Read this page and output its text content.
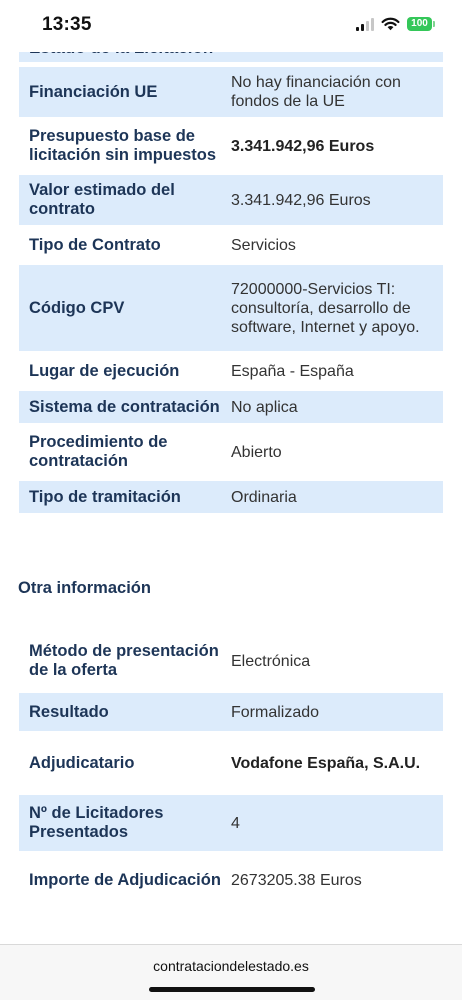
Financiación UE	No hay financiación con fondos de la UE
Presupuesto base de licitación sin impuestos	3.341.942,96 Euros
Valor estimado del contrato	3.341.942,96 Euros
Tipo de Contrato	Servicios
Código CPV	72000000-Servicios TI: consultoría, desarrollo de software, Internet y apoyo.
Lugar de ejecución	España - España
Sistema de contratación	No aplica
Procedimiento de contratación	Abierto
Tipo de tramitación	Ordinaria
Otra información
Método de presentación de la oferta	Electrónica
Resultado	Formalizado
Adjudicatario	Vodafone España, S.A.U.
Nº de Licitadores Presentados	4
Importe de Adjudicación	2673205.38 Euros
13:35	100
contrataciondelestado.es
